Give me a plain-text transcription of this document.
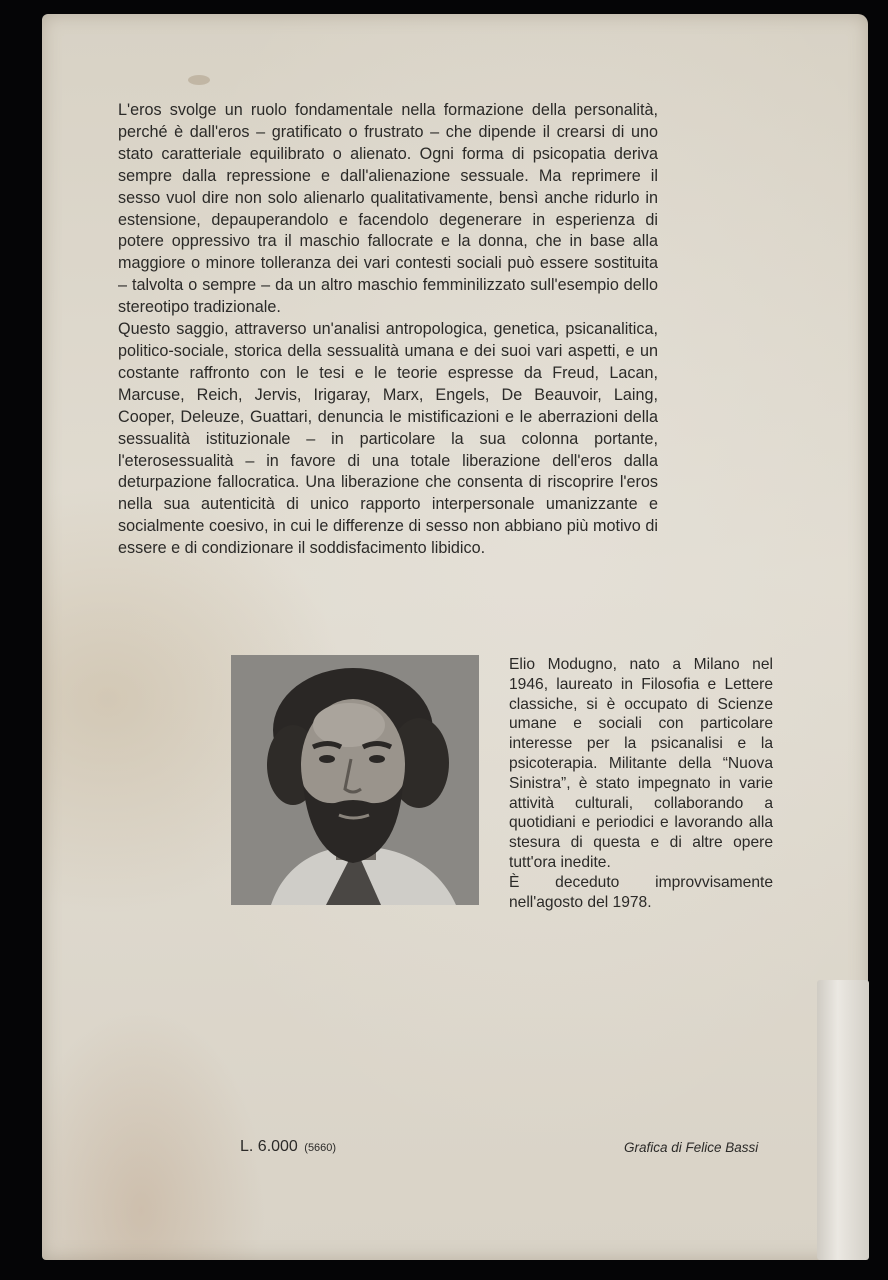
L'eros svolge un ruolo fondamentale nella formazione della personalità, perché è dall'eros – gratificato o frustrato – che dipende il crearsi di uno stato caratteriale equilibrato o alienato. Ogni forma di psicopatia deriva sempre dalla repressione e dall'alienazione sessuale. Ma reprimere il sesso vuol dire non solo alienarlo qualitativamente, bensì anche ridurlo in estensione, depauperandolo e facendolo degenerare in esperienza di potere oppressivo tra il maschio fallocrate e la donna, che in base alla maggiore o minore tolleranza dei vari contesti sociali può essere sostituita – talvolta o sempre – da un altro maschio femminilizzato sull'esempio dello stereotipo tradizionale.

Questo saggio, attraverso un'analisi antropologica, genetica, psicanalitica, politico-sociale, storica della sessualità umana e dei suoi vari aspetti, e un costante raffronto con le tesi e le teorie espresse da Freud, Lacan, Marcuse, Reich, Jervis, Irigaray, Marx, Engels, De Beauvoir, Laing, Cooper, Deleuze, Guattari, denuncia le mistificazioni e le aberrazioni della sessualità istituzionale – in particolare la sua colonna portante, l'eterosessualità – in favore di una totale liberazione dell'eros dalla deturpazione fallocratica. Una liberazione che consenta di riscoprire l'eros nella sua autenticità di unico rapporto interpersonale umanizzante e socialmente coesivo, in cui le differenze di sesso non abbiano più motivo di essere e di condizionare il soddisfacimento libidico.

Elio Modugno, nato a Milano nel 1946, laureato in Filosofia e Lettere classiche, si è occupato di Scienze umane e sociali con particolare interesse per la psicanalisi e la psicoterapia. Militante della “Nuova Sinistra”, è stato impegnato in varie attività culturali, collaborando a quotidiani e periodici e lavorando alla stesura di questa e di altre opere tutt'ora inedite.

È deceduto improvvisamente nell'agosto del 1978.

L. 6.000 (5660)	Grafica di Felice Bassi
